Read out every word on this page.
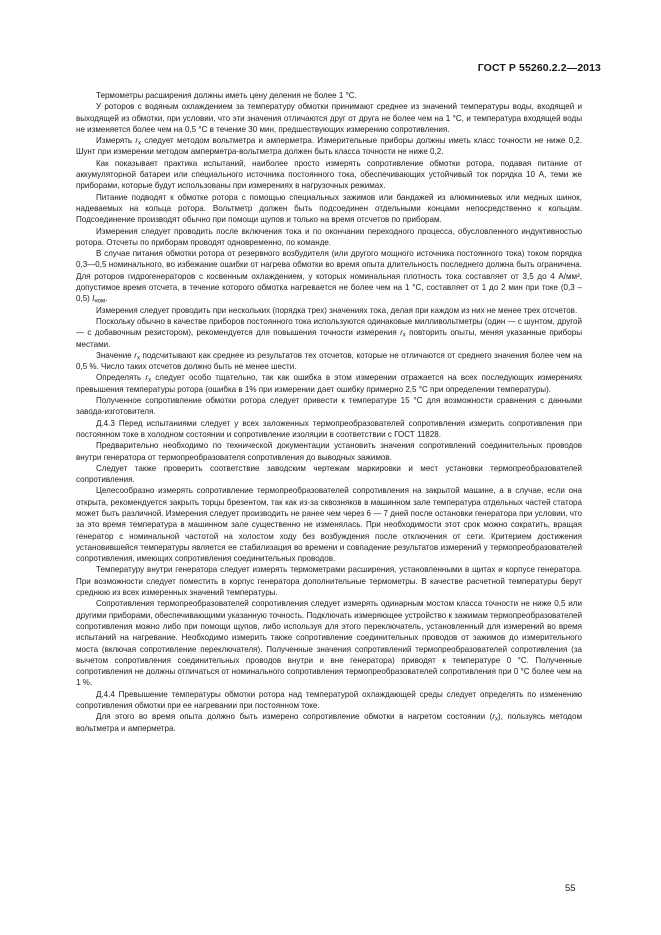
ГОСТ Р 55260.2.2—2013

Термометры расширения должны иметь цену деления не более 1 °С.

У роторов с водяным охлаждением за температуру обмотки принимают среднее из значений температуры воды, входящей и выходящей из обмотки, при условии, что эти значения отличаются друг от друга не более чем на 1 °С, и температура входящей воды не изменяется более чем на 0,5 °С в течение 30 мин, предшествующих измерению сопротивления.

Измерять $r_x$ следует методом вольтметра и амперметра. Измерительные приборы должны иметь класс точности не ниже 0,2. Шунт при измерении методом амперметра-вольтметра должен быть класса точности не ниже 0,2.

Как показывает практика испытаний, наиболее просто измерять сопротивление обмотки ротора, подавая питание от аккумуляторной батареи или специального источника постоянного тока, обеспечивающих устойчивый ток порядка 10 А, теми же приборами, которые будут использованы при измерениях в нагрузочных режимах.

Питание подводят к обмотке ротора с помощью специальных зажимов или бандажей из алюминиевых или медных шинок, надеваемых на кольца ротора. Вольтметр должен быть подсоединен отдельными концами непосредственно к кольцам. Подсоединение производят обычно при помощи щупов и только на время отсчетов по приборам.

Измерения следует проводить после включения тока и по окончании переходного процесса, обусловленного индуктивностью ротора. Отсчеты по приборам проводят одновременно, по команде.

В случае питания обмотки ротора от резервного возбудителя (или другого мощного источника постоянного тока) током порядка 0,3—0,5 номинального, во избежание ошибки от нагрева обмотки во время опыта длительность последнего должна быть ограничена. Для роторов гидрогенераторов с косвенным охлаждением, у которых номинальная плотность тока составляет от 3,5 до 4 А/мм², допустимое время отсчета, в течение которого обмотка нагревается не более чем на 1 °С, составляет от 1 до 2 мин при токе (0,3 – 0,5) $I_{ном}$.

Измерения следует проводить при нескольких (порядка трех) значениях тока, делая при каждом из них не менее трех отсчетов.

Поскольку обычно в качестве приборов постоянного тока используются одинаковые милливольтметры (один — с шунтом, другой — с добавочным резистором), рекомендуется для повышения точности измерения $r_x$ повторить опыты, меняя указанные приборы местами.

Значение $r_x$ подсчитывают как среднее из результатов тех отсчетов, которые не отличаются от среднего значения более чем на 0,5 %. Число таких отсчетов должно быть не менее шести.

Определять $r_x$ следует особо тщательно, так как ошибка в этом измерении отражается на всех последующих измерениях превышения температуры ротора (ошибка в 1% при измерении дает ошибку примерно 2,5 °С при определении температуры).

Полученное сопротивление обмотки ротора следует привести к температуре 15 °С для возможности сравнения с данными завода-изготовителя.

Д.4.3 Перед испытаниями следует у всех заложенных термопреобразователей сопротивления измерить сопротивления при постоянном токе в холодном состоянии и сопротивление изоляции в соответствии с ГОСТ 11828.

Предварительно необходимо по технической документации установить значения сопротивлений соединительных проводов внутри генератора от термопреобразователя сопротивления до выводных зажимов.

Следует также проверить соответствие заводским чертежам маркировки и мест установки термопреобразователей сопротивления.

Целесообразно измерять сопротивление термопреобразователей сопротивления на закрытой машине, а в случае, если она открыта, рекомендуется закрыть торцы брезентом, так как из-за сквозняков в машинном зале температура отдельных частей статора может быть различной. Измерения следует производить не ранее чем через 6 — 7 дней после остановки генератора при условии, что за это время температура в машинном зале существенно не изменялась. При необходимости этот срок можно сократить, вращая генератор с номинальной частотой на холостом ходу без возбуждения после отключения от сети. Критерием достижения установившейся температуры является ее стабилизация во времени и совпадение результатов измерений у термопреобразователей сопротивления, имеющих сопротивления соединительных проводов.

Температуру внутри генератора следует измерять термометрами расширения, установленными в щитах и корпусе генератора. При возможности следует поместить в корпус генератора дополнительные термометры. В качестве расчетной температуры берут среднюю из всех измеренных значений температуры.

Сопротивления термопреобразователей сопротивления следует измерять одинарным мостом класса точности не ниже 0,5 или другими приборами, обеспечивающими указанную точность. Подключать измеряющее устройство к зажимам термопреобразователей сопротивления можно либо при помощи щупов, либо используя для этого переключатель, установленный для измерений во время испытаний на нагревание. Необходимо измерить также сопротивление соединительных проводов от зажимов до измерительного моста (включая сопротивление переключателя). Полученные значения сопротивлений термопреобразователей сопротивления (за вычетом сопротивления соединительных проводов внутри и вне генератора) приводят к температуре 0 °С. Полученные сопротивления не должны отличаться от номинального сопротивления термопреобразователей сопротивления при 0 °С более чем на 1 %.

Д.4.4 Превышение температуры обмотки ротора над температурой охлаждающей среды следует определять по изменению сопротивления обмотки при ее нагревании при постоянном токе.

Для этого во время опыта должно быть измерено сопротивление обмотки в нагретом состоянии $(r_x)$, пользуясь методом вольтметра и амперметра.

55
